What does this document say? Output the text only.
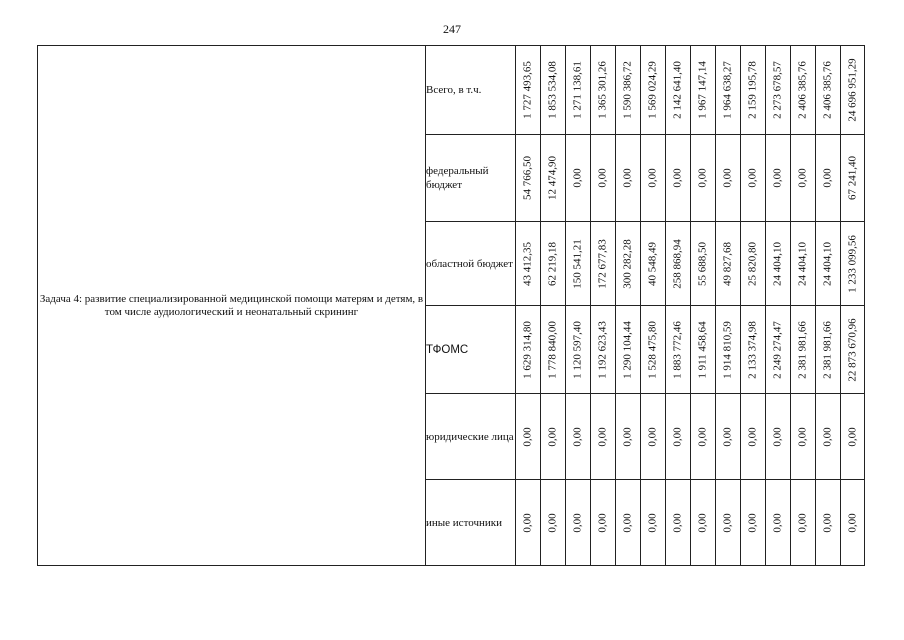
247
Задача 4: развитие специализированной медицинской помощи матерям и детям, в том числе аудиологический и неонатальный скрининг	Всего, в т.ч.	1 727 493,65	1 853 534,08	1 271 138,61	1 365 301,26	1 590 386,72	1 569 024,29	2 142 641,40	1 967 147,14	1 964 638,27	2 159 195,78	2 273 678,57	2 406 385,76	2 406 385,76	24 696 951,29

	федеральный бюджет	54 766,50	12 474,90	0,00	0,00	0,00	0,00	0,00	0,00	0,00	0,00	0,00	0,00	0,00	67 241,40

	областной бюджет	43 412,35	62 219,18	150 541,21	172 677,83	300 282,28	40 548,49	258 868,94	55 688,50	49 827,68	25 820,80	24 404,10	24 404,10	24 404,10	1 233 099,56

	ТФОМС	1 629 314,80	1 778 840,00	1 120 597,40	1 192 623,43	1 290 104,44	1 528 475,80	1 883 772,46	1 911 458,64	1 914 810,59	2 133 374,98	2 249 274,47	2 381 981,66	2 381 981,66	22 873 670,96

	юридические лица	0,00	0,00	0,00	0,00	0,00	0,00	0,00	0,00	0,00	0,00	0,00	0,00	0,00	0,00

	иные источники	0,00	0,00	0,00	0,00	0,00	0,00	0,00	0,00	0,00	0,00	0,00	0,00	0,00	0,00
